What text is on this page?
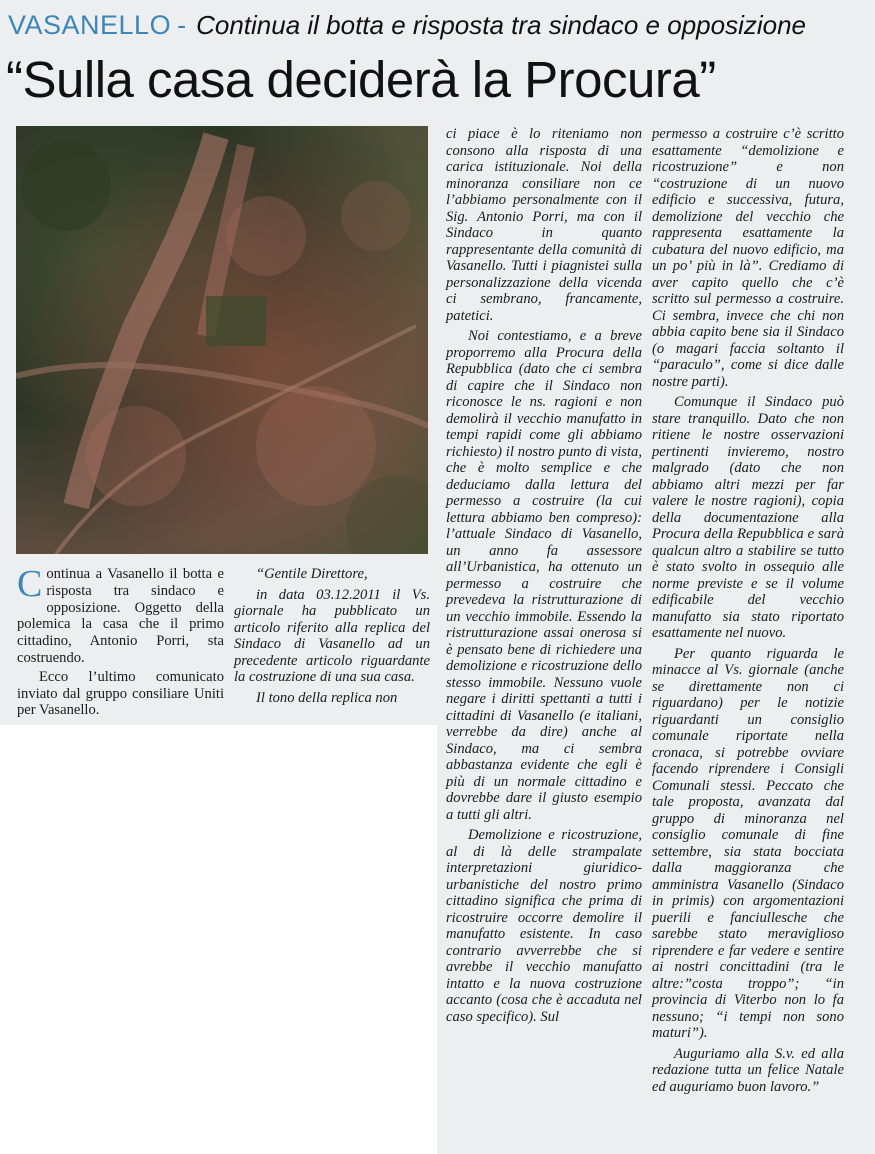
VASANELLO - Continua il botta e risposta tra sindaco e opposizione
“Sulla casa deciderà la Procura”

Continua a Vasanello il botta e risposta tra sindaco e opposizione. Oggetto della polemica la casa che il primo cittadino, Antonio Porri, sta costruendo.

Ecco l’ultimo comunicato inviato dal gruppo consiliare Uniti per Vasanello.

“Gentile Direttore,

in data 03.12.2011 il Vs. giornale ha pubblicato un articolo riferito alla replica del Sindaco di Vasanello ad un precedente articolo riguardante la costruzione di una sua casa.

Il tono della replica non

ci piace è lo riteniamo non consono alla risposta di una carica istituzionale. Noi della minoranza consiliare non ce l’abbiamo personalmente con il Sig. Antonio Porri, ma con il Sindaco in quanto rappresentante della comunità di Vasanello. Tutti i piagnistei sulla personalizzazione della vicenda ci sembrano, francamente, patetici.

Noi contestiamo, e a breve proporremo alla Procura della Repubblica (dato che ci sembra di capire che il Sindaco non riconosce le ns. ragioni e non demolirà il vecchio manufatto in tempi rapidi come gli abbiamo richiesto) il nostro punto di vista, che è molto semplice e che deduciamo dalla lettura del permesso a costruire (la cui lettura abbiamo ben compreso): l’attuale Sindaco di Vasanello, un anno fa assessore all’Urbanistica, ha ottenuto un permesso a costruire che prevedeva la ristrutturazione di un vecchio immobile. Essendo la ristrutturazione assai onerosa si è pensato bene di richiedere una demolizione e ricostruzione dello stesso immobile. Nessuno vuole negare i diritti spettanti a tutti i cittadini di Vasanello (e italiani, verrebbe da dire) anche al Sindaco, ma ci sembra abbastanza evidente che egli è più di un normale cittadino e dovrebbe dare il giusto esempio a tutti gli altri.

Demolizione e ricostruzione, al di là delle strampalate interpretazioni giuridico-urbanistiche del nostro primo cittadino significa che prima di ricostruire occorre demolire il manufatto esistente. In caso contrario avverrebbe che si avrebbe il vecchio manufatto intatto e la nuova costruzione accanto (cosa che è accaduta nel caso specifico). Sul

permesso a costruire c’è scritto esattamente “demolizione e ricostruzione” e non “costruzione di un nuovo edificio e successiva, futura, demolizione del vecchio che rappresenta esattamente la cubatura del nuovo edificio, ma un po’ più in là”. Crediamo di aver capito quello che c’è scritto sul permesso a costruire. Ci sembra, invece che chi non abbia capito bene sia il Sindaco (o magari faccia soltanto il “paraculo”, come si dice dalle nostre parti).

Comunque il Sindaco può stare tranquillo. Dato che non ritiene le nostre osservazioni pertinenti invieremo, nostro malgrado (dato che non abbiamo altri mezzi per far valere le nostre ragioni), copia della documentazione alla Procura della Repubblica e sarà qualcun altro a stabilire se tutto è stato svolto in ossequio alle norme previste e se il volume edificabile del vecchio manufatto sia stato riportato esattamente nel nuovo.

Per quanto riguarda le minacce al Vs. giornale (anche se direttamente non ci riguardano) per le notizie riguardanti un consiglio comunale riportate nella cronaca, si potrebbe ovviare facendo riprendere i Consigli Comunali stessi. Peccato che tale proposta, avanzata dal gruppo di minoranza nel consiglio comunale di fine settembre, sia stata bocciata dalla maggioranza che amministra Vasanello (Sindaco in primis) con argomentazioni puerili e fanciullesche che sarebbe stato meraviglioso riprendere e far vedere e sentire ai nostri concittadini (tra le altre:”costa troppo”; “in provincia di Viterbo non lo fa nessuno; “i tempi non sono maturi”).

Auguriamo alla S.v. ed alla redazione tutta un felice Natale ed auguriamo buon lavoro.”
